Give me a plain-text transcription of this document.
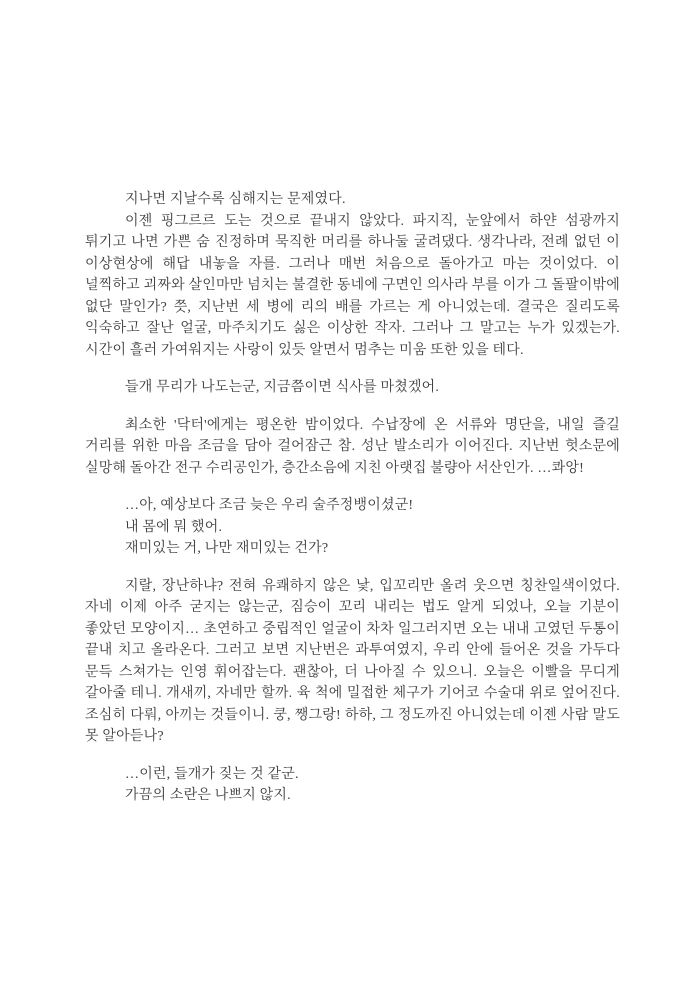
지나면 지날수록 심해지는 문제였다.

이젠 핑그르르 도는 것으로 끝내지 않았다. 파지직, 눈앞에서 하얀 섬광까지 튀기고 나면 가쁜 숨 진정하며 묵직한 머리를 하나둘 굴려댔다. 생각나라, 전례 없던 이 이상현상에 해답 내놓을 자를. 그러나 매번 처음으로 돌아가고 마는 것이었다. 이 널찍하고 괴짜와 살인마만 넘치는 불결한 동네에 구면인 의사라 부를 이가 그 돌팔이밖에 없단 말인가? 쯧, 지난번 세 병에 리의 배를 가르는 게 아니었는데. 결국은 질리도록 익숙하고 잘난 얼굴, 마주치기도 싫은 이상한 작자. 그러나 그 말고는 누가 있겠는가. 시간이 흘러 가여워지는 사랑이 있듯 알면서 멈추는 미움 또한 있을 테다.

들개 무리가 나도는군, 지금쯤이면 식사를 마쳤겠어.

최소한 '닥터'에게는 평온한 밤이었다. 수납장에 온 서류와 명단을, 내일 즐길 거리를 위한 마음 조금을 담아 걸어잠근 참. 성난 발소리가 이어진다. 지난번 헛소문에 실망해 돌아간 전구 수리공인가, 층간소음에 지친 아랫집 불량아 서산인가. …콰앙!

…아, 예상보다 조금 늦은 우리 술주정뱅이셨군!

내 몸에 뭐 했어.

재미있는 거, 나만 재미있는 건가?

지랄, 장난하냐? 전혀 유쾌하지 않은 낯, 입꼬리만 올려 웃으면 칭찬일색이었다. 자네 이제 아주 굳지는 않는군, 짐승이 꼬리 내리는 법도 알게 되었나, 오늘 기분이 좋았던 모양이지… 초연하고 중립적인 얼굴이 차차 일그러지면 오는 내내 고였던 두통이 끝내 치고 올라온다. 그러고 보면 지난번은 과투여였지, 우리 안에 들어온 것을 가두다 문득 스쳐가는 인영 휘어잡는다. 괜찮아, 더 나아질 수 있으니. 오늘은 이빨을 무디게 갈아줄 테니. 개새끼, 자네만 할까. 육 척에 밀접한 체구가 기어코 수술대 위로 엎어진다. 조심히 다뤄, 아끼는 것들이니. 쿵, 쨍그랑! 하하, 그 정도까진 아니었는데 이젠 사람 말도 못 알아듣나?

…이런, 들개가 짖는 것 같군.

가끔의 소란은 나쁘지 않지.
